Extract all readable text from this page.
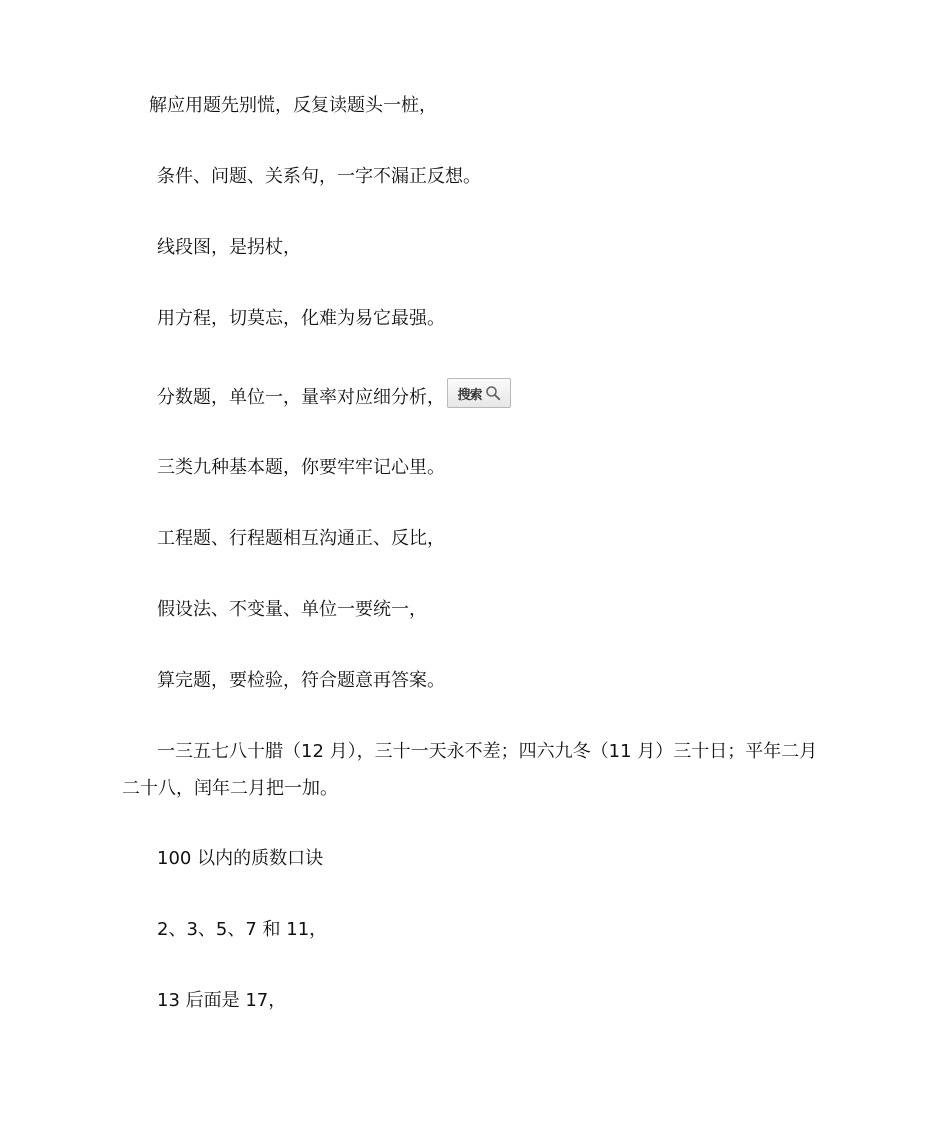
解应用题先别慌，反复读题头一桩，
条件、问题、关系句，一字不漏正反想。
线段图，是拐杖，
用方程，切莫忘，化难为易它最强。
分数题，单位一，量率对应细分析， 搜索
三类九种基本题，你要牢牢记心里。
工程题、行程题相互沟通正、反比，
假设法、不变量、单位一要统一，
算完题，要检验，符合题意再答案。
一三五七八十腊（12 月），三十一天永不差；四六九冬（11 月）三十日；平年二月二十八，闰年二月把一加。
100 以内的质数口诀
2、3、5、7 和 11，
13 后面是 17，
